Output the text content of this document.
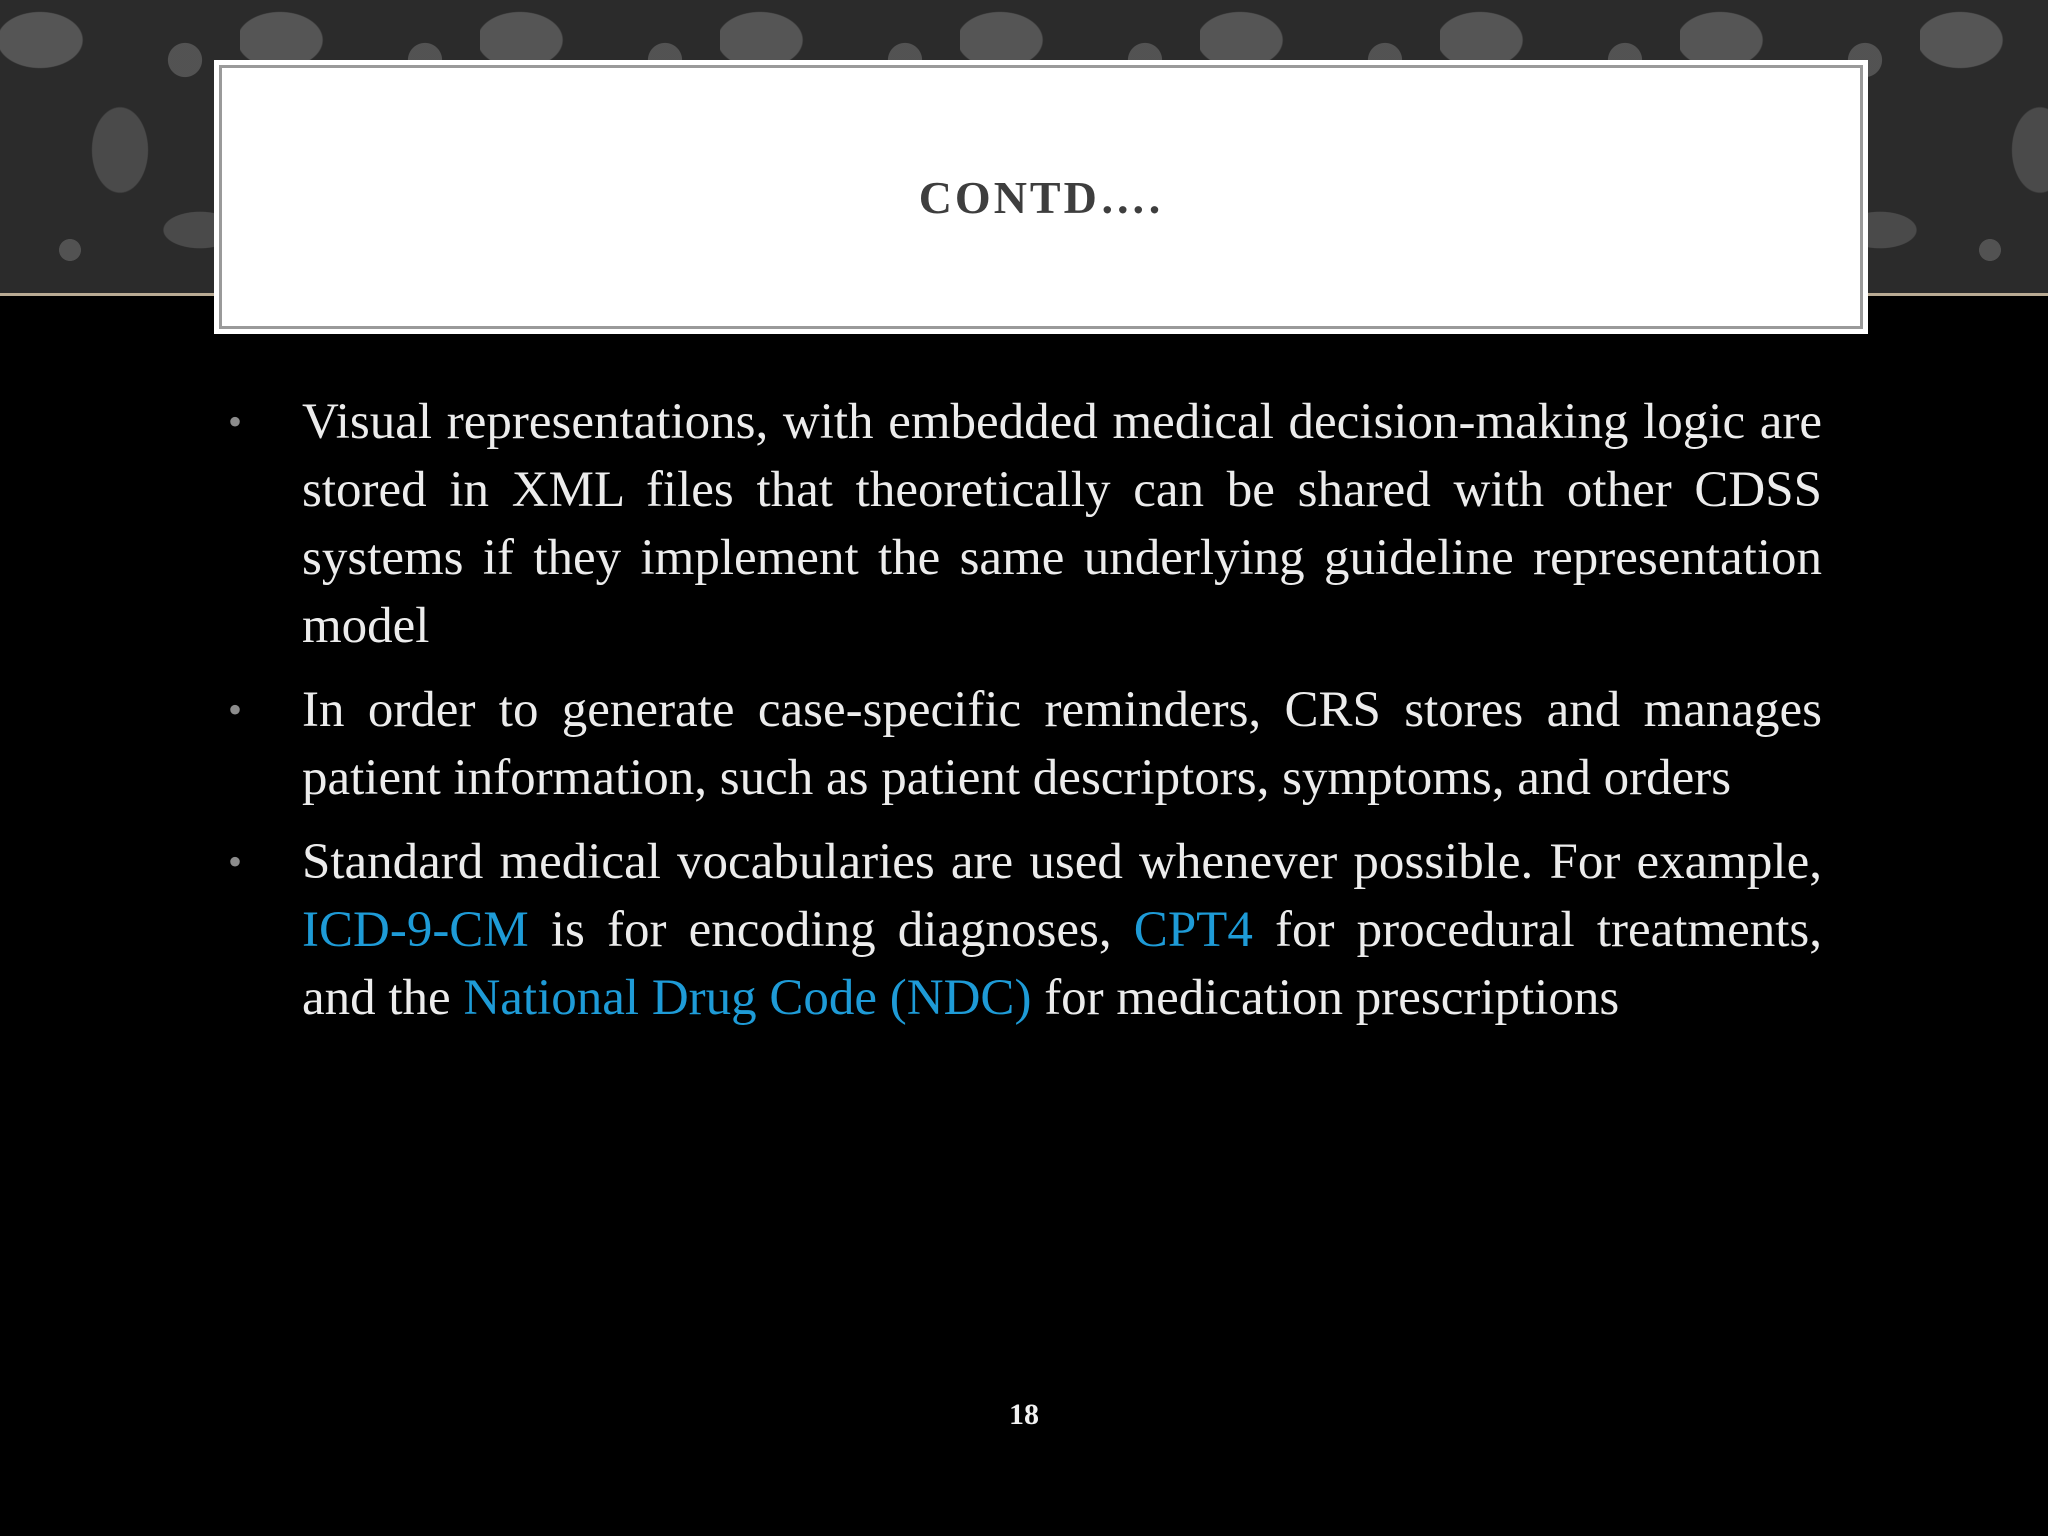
CONTD….
• Visual representations, with embedded medical decision-making logic are stored in XML files that theoretically can be shared with other CDSS systems if they implement the same underlying guideline representation model
• In order to generate case-specific reminders, CRS stores and manages patient information, such as patient descriptors, symptoms, and orders
• Standard medical vocabularies are used whenever possible. For example, ICD-9-CM is for encoding diagnoses, CPT4 for procedural treatments, and the National Drug Code (NDC) for medication prescriptions
18
